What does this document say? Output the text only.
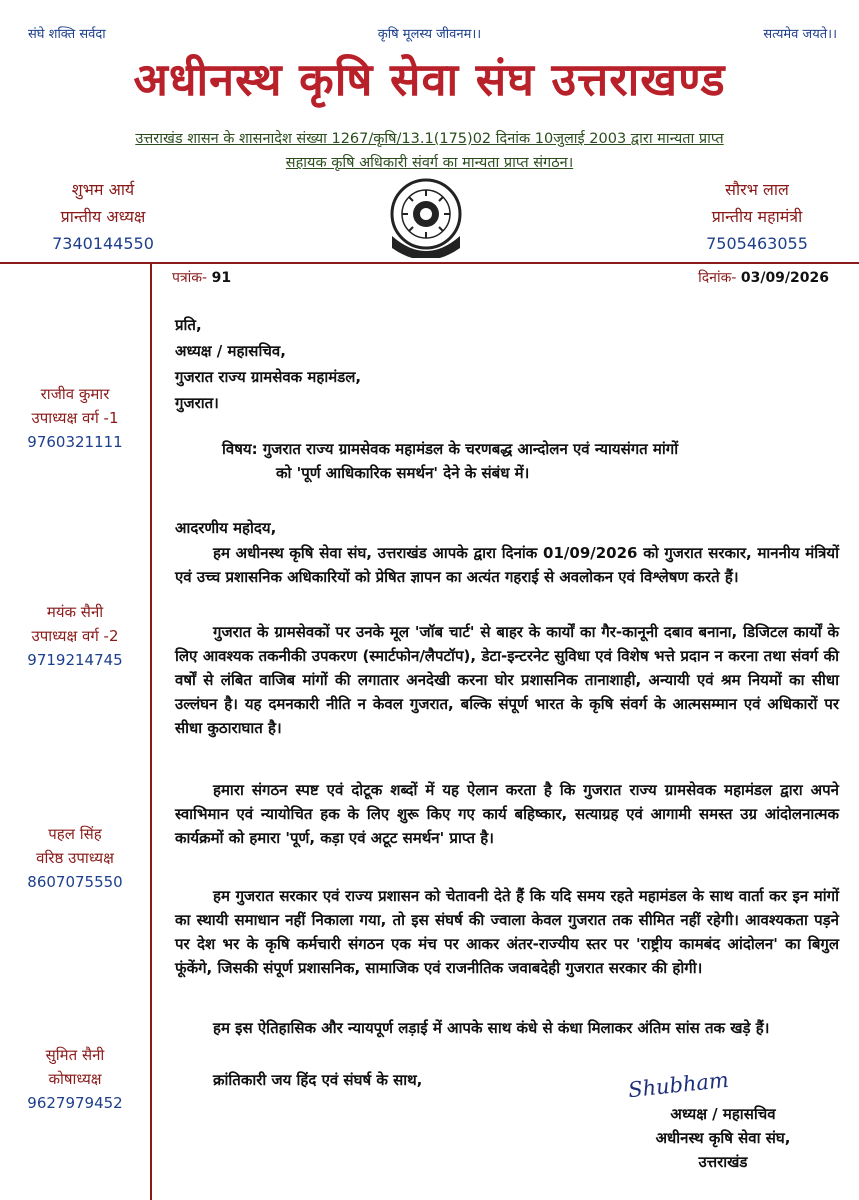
संघे शक्ति सर्वदा	कृषि मूलस्य जीवनम।।	सत्यमेव जयते।।
अधीनस्थ कृषि सेवा संघ उत्तराखण्ड
उत्तराखंड शासन के शासनादेश संख्या 1267/कृषि/13.1(175)02 दिनांक 10जुलाई 2003 द्वारा मान्यता प्राप्त
सहायक कृषि अधिकारी संवर्ग का मान्यता प्राप्त संगठन।
शुभम आर्य
प्रान्तीय अध्यक्ष
7340144550
सौरभ लाल
प्रान्तीय महामंत्री
7505463055
पत्रांक- 91	दिनांक- 03/09/2026
राजीव कुमार
उपाध्यक्ष वर्ग -1
9760321111
मयंक सैनी
उपाध्यक्ष वर्ग -2
9719214745
पहल सिंह
वरिष्ठ उपाध्यक्ष
8607075550
सुमित सैनी
कोषाध्यक्ष
9627979452
प्रति,
अध्यक्ष / महासचिव,
गुजरात राज्य ग्रामसेवक महामंडल,
गुजरात।
विषय: गुजरात राज्य ग्रामसेवक महामंडल के चरणबद्ध आन्दोलन एवं न्यायसंगत मांगों
को 'पूर्ण आधिकारिक समर्थन' देने के संबंध में।
आदरणीय महोदय,
हम अधीनस्थ कृषि सेवा संघ, उत्तराखंड आपके द्वारा दिनांक 01/09/2026 को गुजरात सरकार, माननीय मंत्रियों एवं उच्च प्रशासनिक अधिकारियों को प्रेषित ज्ञापन का अत्यंत गहराई से अवलोकन एवं विश्लेषण करते हैं।
गुजरात के ग्रामसेवकों पर उनके मूल 'जॉब चार्ट' से बाहर के कार्यों का गैर-कानूनी दबाव बनाना, डिजिटल कार्यों के लिए आवश्यक तकनीकी उपकरण (स्मार्टफोन/लैपटॉप), डेटा-इन्टरनेट सुविधा एवं विशेष भत्ते प्रदान न करना तथा संवर्ग की वर्षों से लंबित वाजिब मांगों की लगातार अनदेखी करना घोर प्रशासनिक तानाशाही, अन्यायी एवं श्रम नियमों का सीधा उल्लंघन है। यह दमनकारी नीति न केवल गुजरात, बल्कि संपूर्ण भारत के कृषि संवर्ग के आत्मसम्मान एवं अधिकारों पर सीधा कुठाराघात है।
हमारा संगठन स्पष्ट एवं दोटूक शब्दों में यह ऐलान करता है कि गुजरात राज्य ग्रामसेवक महामंडल द्वारा अपने स्वाभिमान एवं न्यायोचित हक के लिए शुरू किए गए कार्य बहिष्कार, सत्याग्रह एवं आगामी समस्त उग्र आंदोलनात्मक कार्यक्रमों को हमारा 'पूर्ण, कड़ा एवं अटूट समर्थन' प्राप्त है।
हम गुजरात सरकार एवं राज्य प्रशासन को चेतावनी देते हैं कि यदि समय रहते महामंडल के साथ वार्ता कर इन मांगों का स्थायी समाधान नहीं निकाला गया, तो इस संघर्ष की ज्वाला केवल गुजरात तक सीमित नहीं रहेगी। आवश्यकता पड़ने पर देश भर के कृषि कर्मचारी संगठन एक मंच पर आकर अंतर-राज्यीय स्तर पर 'राष्ट्रीय कामबंद आंदोलन' का बिगुल फूंकेंगे, जिसकी संपूर्ण प्रशासनिक, सामाजिक एवं राजनीतिक जवाबदेही गुजरात सरकार की होगी।
हम इस ऐतिहासिक और न्यायपूर्ण लड़ाई में आपके साथ कंधे से कंधा मिलाकर अंतिम सांस तक खड़े हैं।
क्रांतिकारी जय हिंद एवं संघर्ष के साथ,	Shubham
अध्यक्ष / महासचिव
अधीनस्थ कृषि सेवा संघ,
उत्तराखंड
